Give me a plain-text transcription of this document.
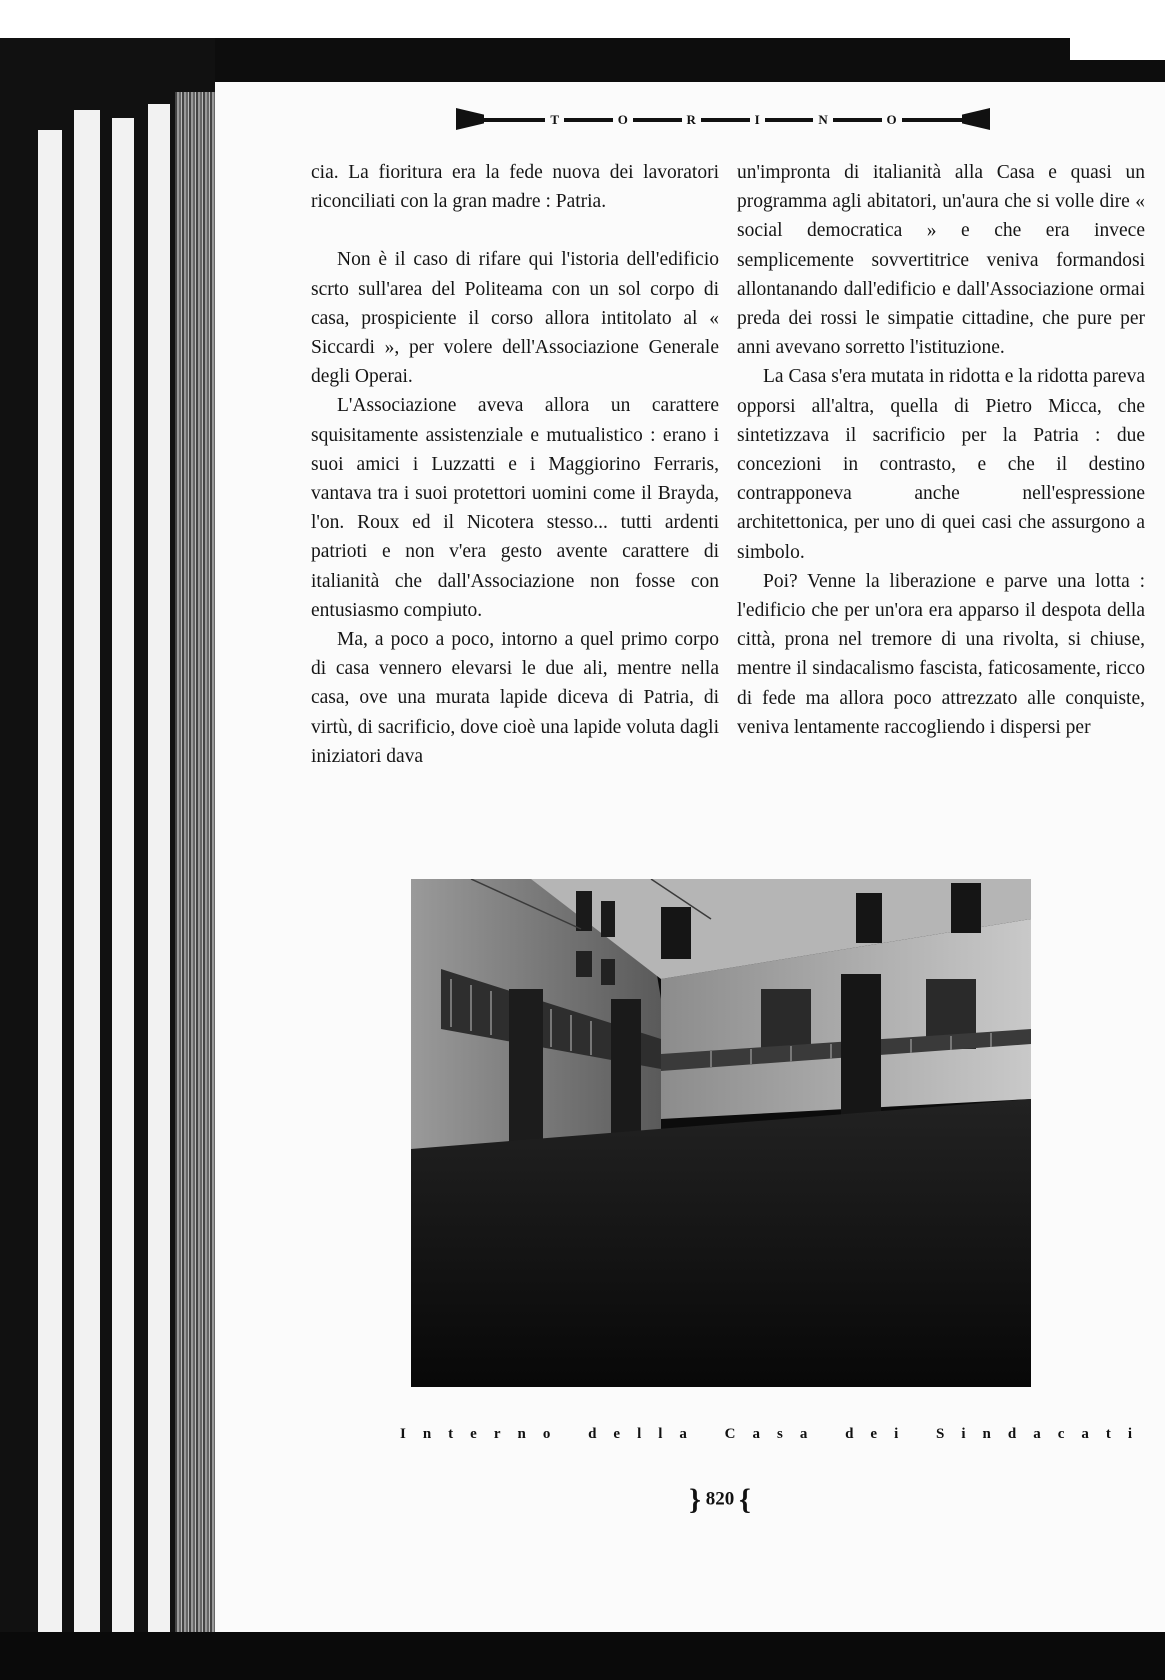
T	O	R	I	N	O

cia. La fioritura era la fede nuova dei lavoratori riconciliati con la gran madre : Patria.

Non è il caso di rifare qui l'istoria dell'edificio scrto sull'area del Politeama con un sol corpo di casa, prospiciente il corso allora intitolato al « Siccardi », per volere dell'Associazione Generale degli Operai.

L'Associazione aveva allora un carattere squisitamente assistenziale e mutualistico : erano i suoi amici i Luzzatti e i Maggiorino Ferraris, vantava tra i suoi protettori uomini come il Brayda, l'on. Roux ed il Nicotera stesso... tutti ardenti patrioti e non v'era gesto avente carattere di italianità che dall'Associazione non fosse con entusiasmo compiuto.

Ma, a poco a poco, intorno a quel primo corpo di casa vennero elevarsi le due ali, mentre nella casa, ove una murata lapide diceva di Patria, di virtù, di sacrificio, dove cioè una lapide voluta dagli iniziatori dava

un'impronta di italianità alla Casa e quasi un programma agli abitatori, un'aura che si volle dire « social democratica » e che era invece semplicemente sovvertitrice veniva formandosi allontanando dall'edificio e dall'Associazione ormai preda dei rossi le simpatie cittadine, che pure per anni avevano sorretto l'istituzione.

La Casa s'era mutata in ridotta e la ridotta pareva opporsi all'altra, quella di Pietro Micca, che sintetizzava il sacrificio per la Patria : due concezioni in contrasto, e che il destino contrapponeva anche nell'espressione architettonica, per uno di quei casi che assurgono a simbolo.

Poi? Venne la liberazione e parve una lotta : l'edificio che per un'ora era apparso il despota della città, prona nel tremore di una rivolta, si chiuse, mentre il sindacalismo fascista, faticosamente, ricco di fede ma allora poco attrezzato alle conquiste, veniva lentamente raccogliendo i dispersi per

Interno della Casa dei Sindacati
} 820 {
